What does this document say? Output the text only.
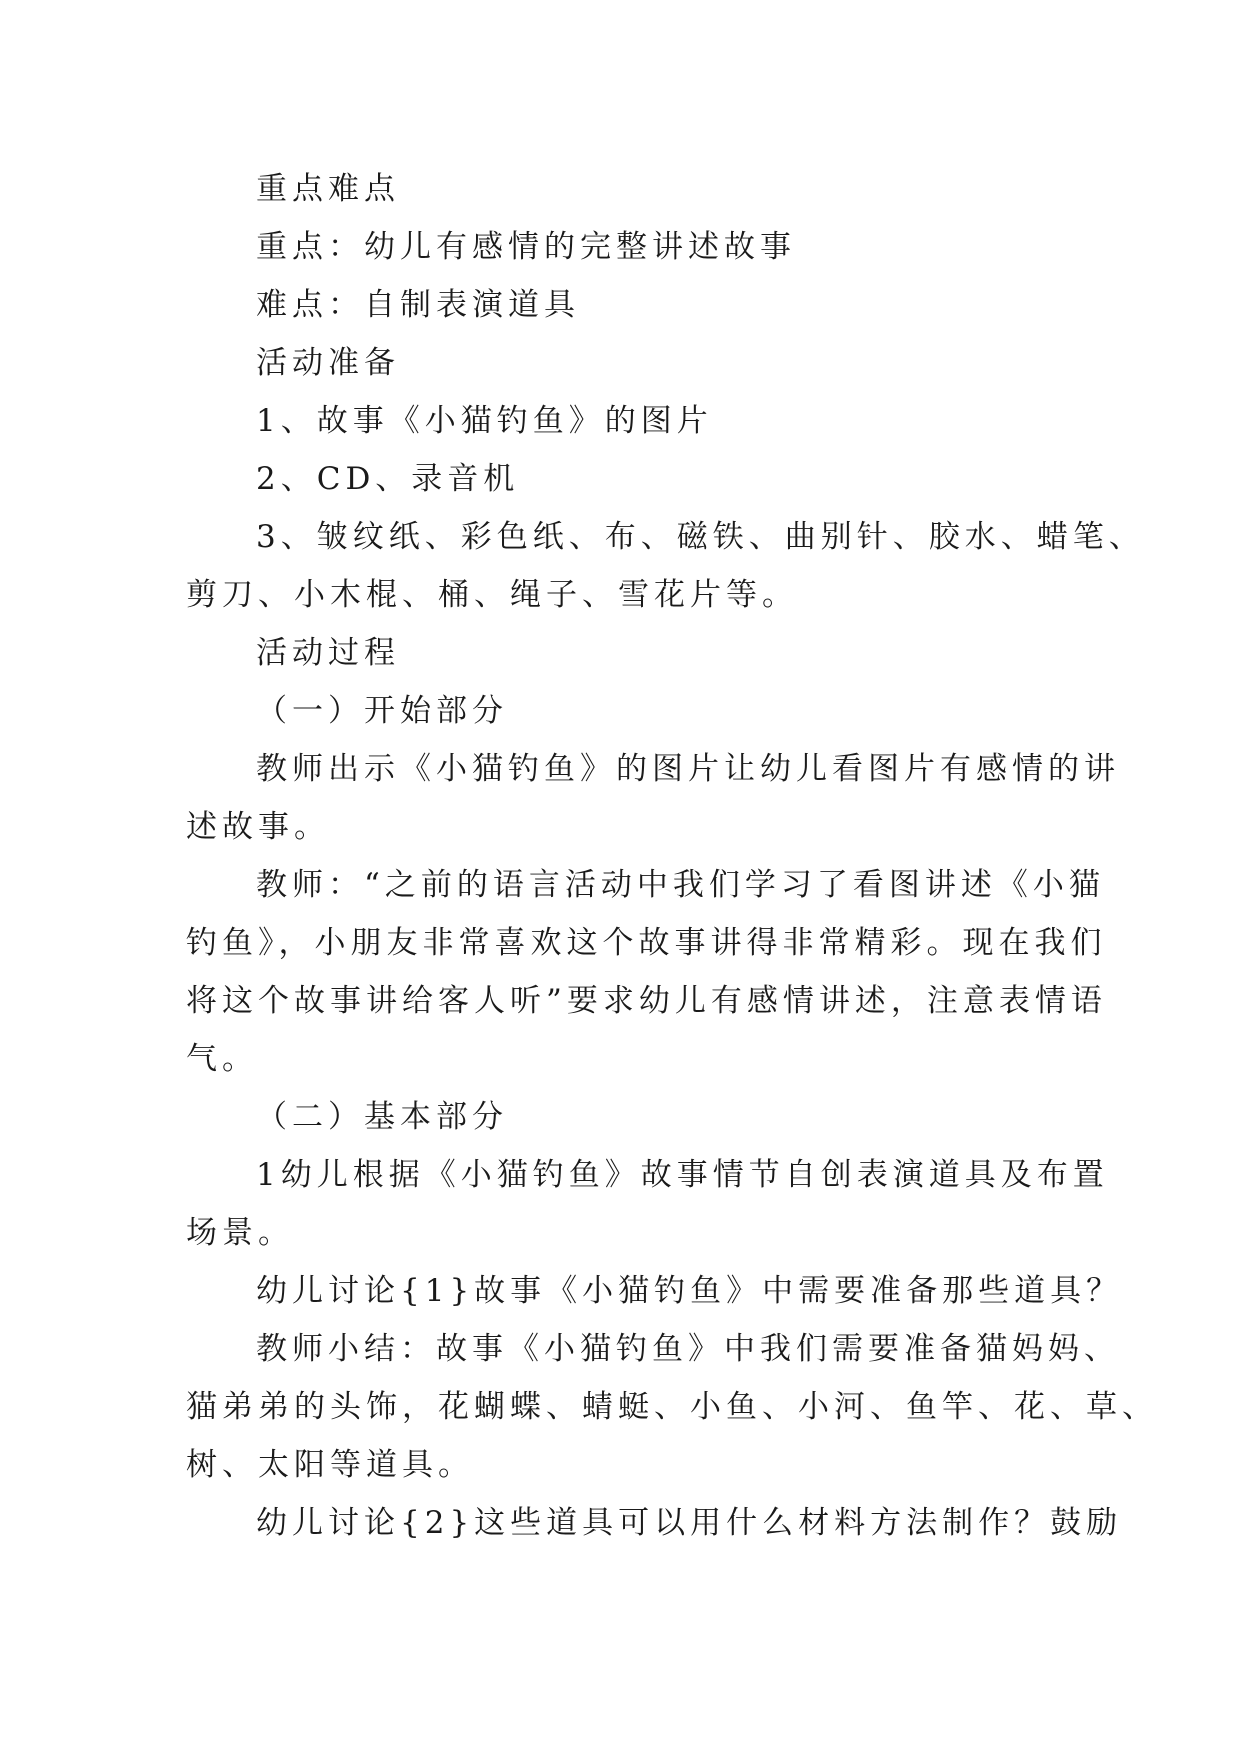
重点难点

重点：幼儿有感情的完整讲述故事

难点：自制表演道具

活动准备

1、故事《小猫钓鱼》的图片

2、CD、录音机

3、皱纹纸、彩色纸、布、磁铁、曲别针、胶水、蜡笔、
剪刀、小木棍、桶、绳子、雪花片等。

活动过程

（一）开始部分

教师出示《小猫钓鱼》的图片让幼儿看图片有感情的讲
述故事。

教师：“之前的语言活动中我们学习了看图讲述《小猫
钓鱼》，小朋友非常喜欢这个故事讲得非常精彩。现在我们
将这个故事讲给客人听”要求幼儿有感情讲述，注意表情语
气。

（二）基本部分

1幼儿根据《小猫钓鱼》故事情节自创表演道具及布置
场景。

幼儿讨论{1}故事《小猫钓鱼》中需要准备那些道具？

教师小结：故事《小猫钓鱼》中我们需要准备猫妈妈、
猫弟弟的头饰，花蝴蝶、蜻蜓、小鱼、小河、鱼竿、花、草、
树、太阳等道具。

幼儿讨论{2}这些道具可以用什么材料方法制作？鼓励
